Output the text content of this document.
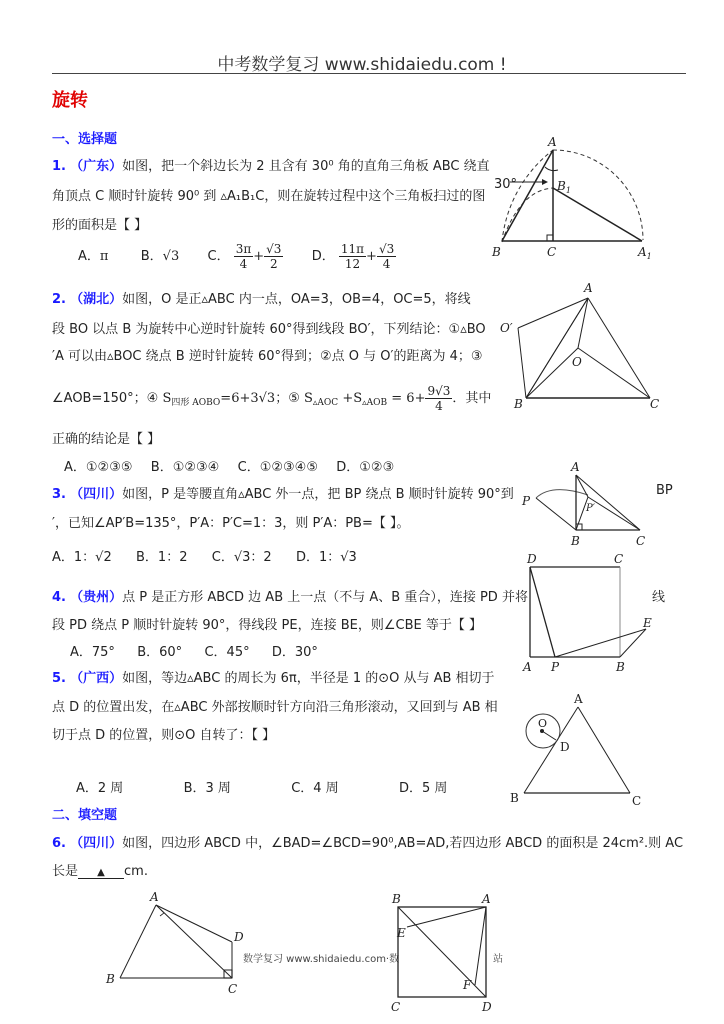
中考数学复习 www.shidaiedu.com !
旋转
一、选择题
1. （广东）如图，把一个斜边长为 2 且含有 30⁰ 角的直角三角板 ABC 绕直
角顶点 C 顺时针旋转 90⁰ 到 ▵A₁B₁C，则在旋转过程中这个三角板扫过的图
形的面积是【 】
A．π B．√3 C． $\frac{3\pi}{4} + \frac{√3}{2}$ D． $\frac{11\pi}{12} + \frac{√3}{4}$
A
$B_1$
B	C	$A_1$
30°
2. （湖北）如图，O 是正▵ABC 内一点，OA=3，OB=4，OC=5，将线
段 BO 以点 B 为旋转中心逆时针旋转 60°得到线段 BO′，下列结论：①▵BO
′A 可以由▵BOC 绕点 B 逆时针旋转 60°得到；②点 O 与 O′的距离为 4；③
∠AOB=150°；④ $S_{四形 AOBO}=6+3√3$；⑤ $S_{▵AOC} +S_{▵AOB} = 6+ \frac{9√3}{4}$ ．其中
正确的结论是【 】
A．①②③⑤ B．①②③④ C．①②③④⑤ D．①②③
A
O′
O
B	C
3. （四川）如图，P 是等腰直角▵ABC 外一点，把 BP 绕点 B 顺时针旋转 90°到	BP
′，已知∠AP′B=135°，P′A：P′C=1：3，则 P′A：PB=【 】。
A．1：√2 B．1：2 C．√3：2 D．1：√3
A
P′
P
B	C
4. （贵州）点 P 是正方形 ABCD 边 AB 上一点（不与 A、B 重合），连接 PD 并将	线
段 PD 绕点 P 顺时针旋转 90°，得线段 PE，连接 BE，则∠CBE 等于【 】
A．75° B．60° C．45° D．30°
D	C
E
A P	B
5. （广西）如图，等边▵ABC 的周长为 6π，半径是 1 的⊙O 从与 AB 相切于
点 D 的位置出发，在▵ABC 外部按顺时针方向沿三角形滚动，又回到与 AB 相
切于点 D 的位置，则⊙O 自转了：【 】
A．2 周	B．3 周	C．4 周	D．5 周
A
O
D
B	C
二、填空题
6. （四川）如图，四边形 ABCD 中，∠BAD=∠BCD=90⁰,AB=AD,若四边形 ABCD 的面积是 24cm².则 AC
长是 ▲ cm.
A
D
B
C
数学复习 www.shidaiedu.com·数	站
B	A
E
F
C	D
